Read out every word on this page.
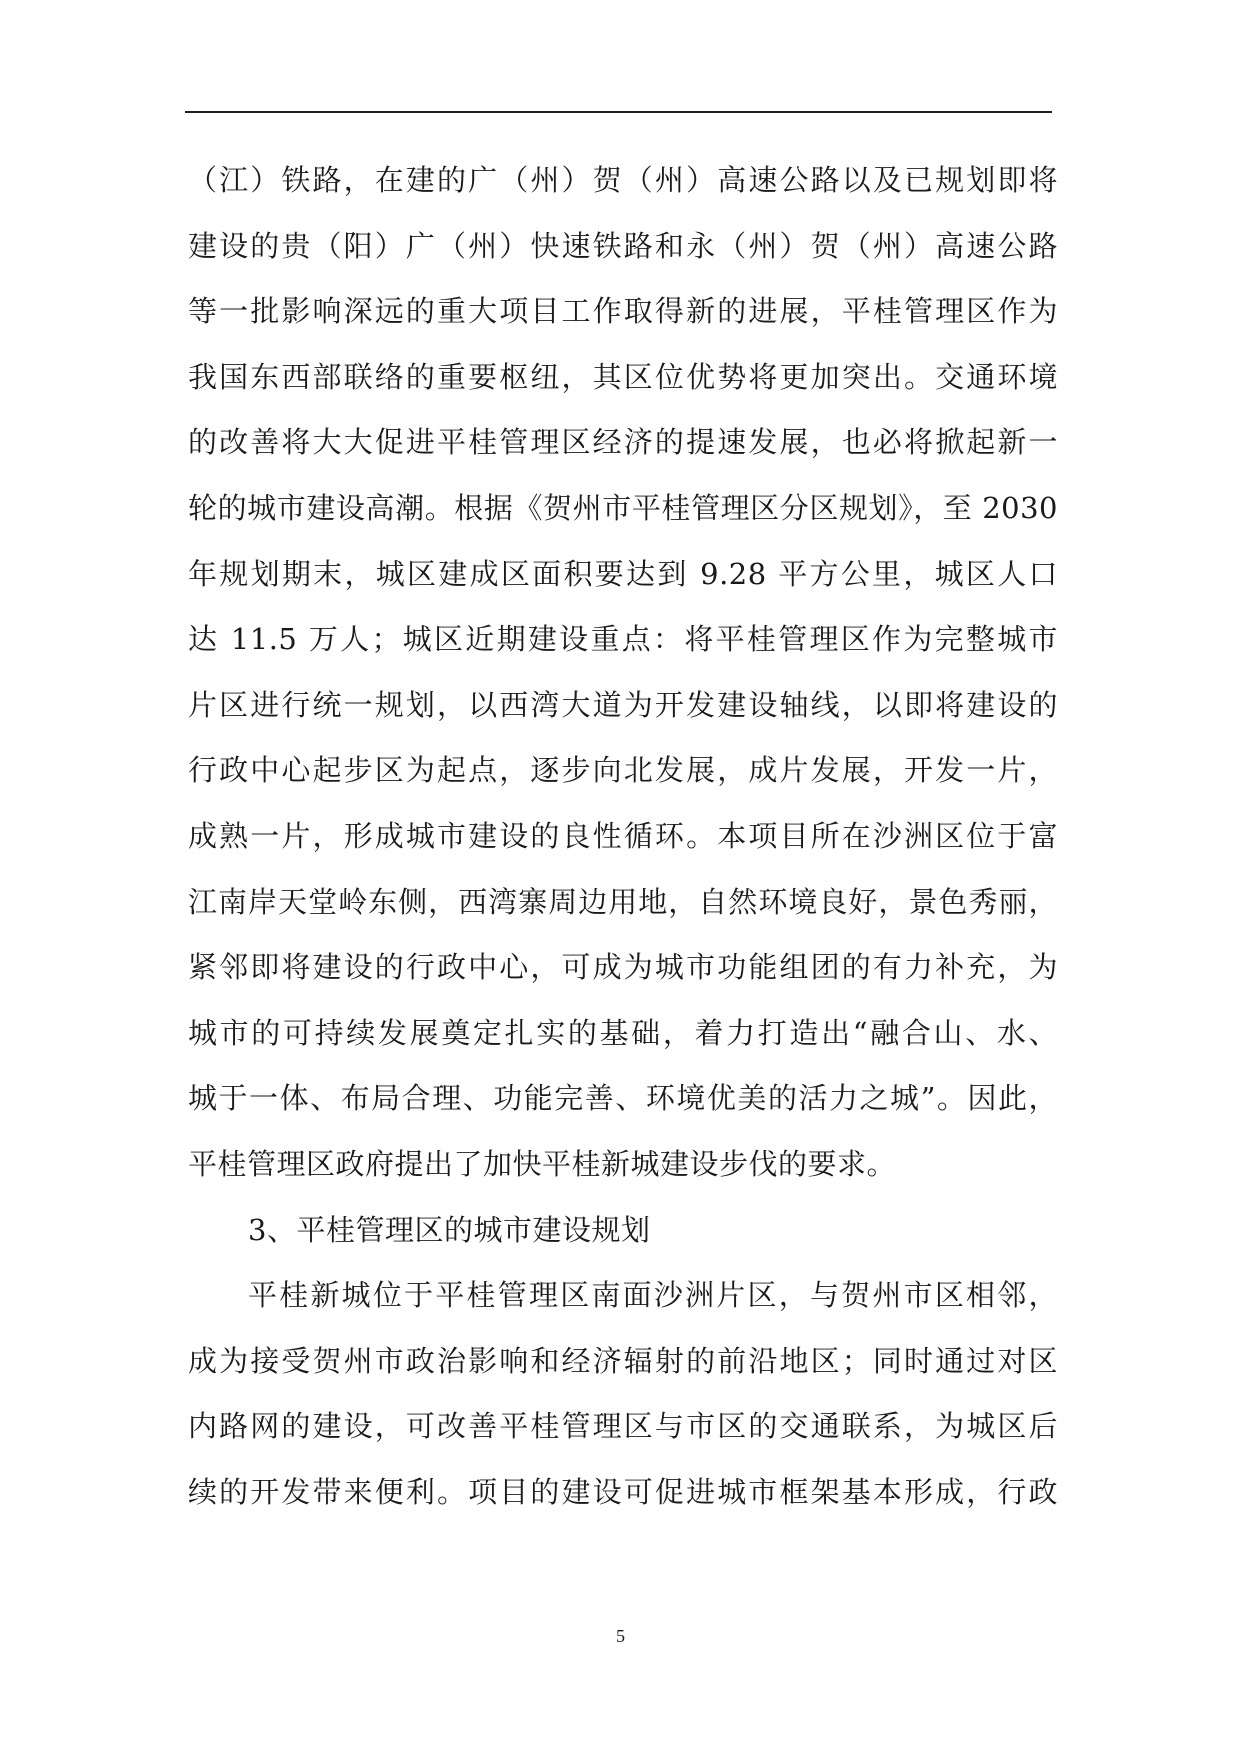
（江）铁路，在建的广（州）贺（州）高速公路以及已规划即将
建设的贵（阳）广（州）快速铁路和永（州）贺（州）高速公路
等一批影响深远的重大项目工作取得新的进展，平桂管理区作为
我国东西部联络的重要枢纽，其区位优势将更加突出。交通环境
的改善将大大促进平桂管理区经济的提速发展，也必将掀起新一
轮的城市建设高潮。根据《贺州市平桂管理区分区规划》，至 2030
年规划期末，城区建成区面积要达到 9.28 平方公里，城区人口
达 11.5 万人；城区近期建设重点：将平桂管理区作为完整城市
片区进行统一规划，以西湾大道为开发建设轴线，以即将建设的
行政中心起步区为起点，逐步向北发展，成片发展，开发一片，
成熟一片，形成城市建设的良性循环。本项目所在沙洲区位于富
江南岸天堂岭东侧，西湾寨周边用地，自然环境良好，景色秀丽，
紧邻即将建设的行政中心，可成为城市功能组团的有力补充，为
城市的可持续发展奠定扎实的基础，着力打造出“融合山、水、
城于一体、布局合理、功能完善、环境优美的活力之城”。因此，
平桂管理区政府提出了加快平桂新城建设步伐的要求。
3、平桂管理区的城市建设规划
平桂新城位于平桂管理区南面沙洲片区，与贺州市区相邻，
成为接受贺州市政治影响和经济辐射的前沿地区；同时通过对区
内路网的建设，可改善平桂管理区与市区的交通联系，为城区后
续的开发带来便利。项目的建设可促进城市框架基本形成，行政
5
